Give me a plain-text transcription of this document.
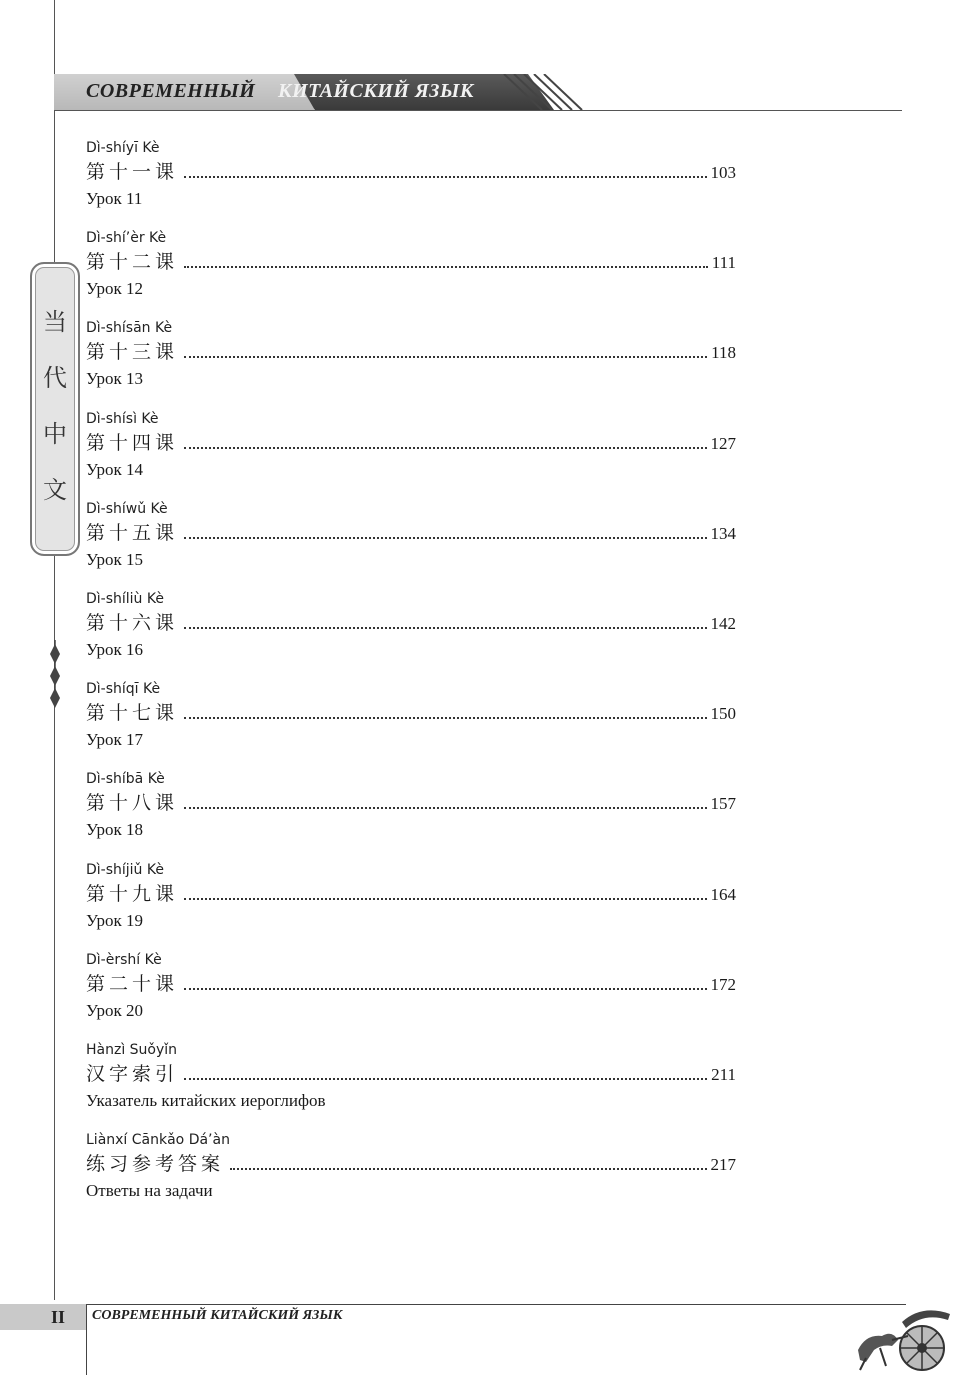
СОВРЕМЕННЫЙ КИТАЙСКИЙ ЯЗЫК
当
代
中
文
Dì-shíyī Kè
第十一课	103
Урок 11
Dì-shí’èr Kè
第十二课	111
Урок 12
Dì-shísān Kè
第十三课	118
Урок 13
Dì-shísì Kè
第十四课	127
Урок 14
Dì-shíwǔ Kè
第十五课	134
Урок 15
Dì-shíliù Kè
第十六课	142
Урок 16
Dì-shíqī Kè
第十七课	150
Урок 17
Dì-shíbā Kè
第十八课	157
Урок 18
Dì-shíjiǔ Kè
第十九课	164
Урок 19
Dì-èrshí Kè
第二十课	172
Урок 20
Hànzì Suǒyǐn
汉字索引	211
Указатель китайских иероглифов
Liànxí Cānkǎo Dá’àn
练习参考答案	217
Ответы на задачи
II	СОВРЕМЕННЫЙ КИТАЙСКИЙ ЯЗЫК
